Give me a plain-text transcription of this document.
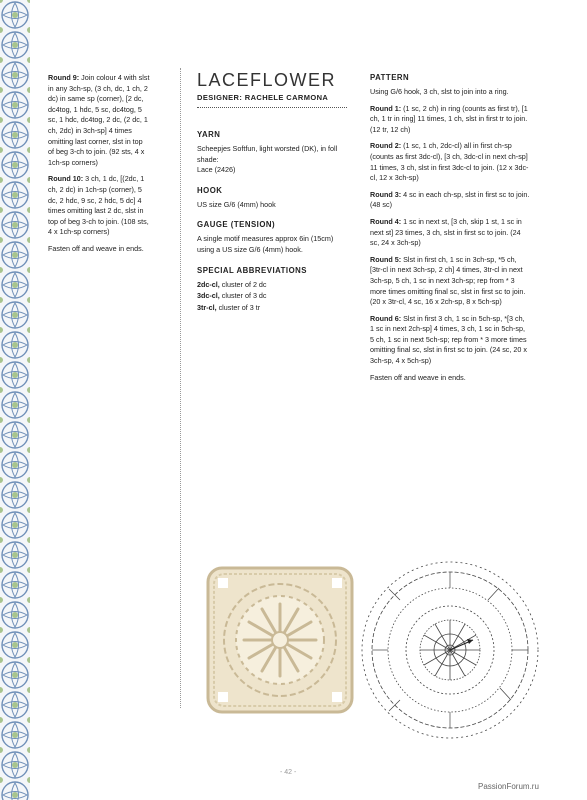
Round 9: Join colour 4 with slst in any 3ch-sp, (3 ch, dc, 1 ch, 2 dc) in same sp (corner), [2 dc, dc4tog, 1 hdc, 5 sc, dc4tog, 5 sc, 1 hdc, dc4tog, 2 dc, (2 dc, 1 ch, 2dc) in 3ch-sp] 4 times omitting last corner, slst in top of beg 3-ch to join. (92 sts, 4 x 1ch-sp corners)

Round 10: 3 ch, 1 dc, [(2dc, 1 ch, 2 dc) in 1ch-sp (corner), 5 dc, 2 hdc, 9 sc, 2 hdc, 5 dc] 4 times omitting last 2 dc, slst in top of beg 3-ch to join. (108 sts, 4 x 1ch-sp corners)

Fasten off and weave in ends.

LACEFLOWER
DESIGNER: RACHELE CARMONA
YARN

Scheepjes Softfun, light worsted (DK), in foll shade:

Lace (2426)

HOOK

US size G/6 (4mm) hook

GAUGE (TENSION)

A single motif measures approx 6in (15cm) using a US size G/6 (4mm) hook.

SPECIAL ABBREVIATIONS

2dc-cl, cluster of 2 dc

3dc-cl, cluster of 3 dc

3tr-cl, cluster of 3 tr

PATTERN

Using G/6 hook, 3 ch, slst to join into a ring.

Round 1: (1 sc, 2 ch) in ring (counts as first tr), [1 ch, 1 tr in ring] 11 times, 1 ch, slst in first tr to join. (12 tr, 12 ch)

Round 2: (1 sc, 1 ch, 2dc-cl) all in first ch-sp (counts as first 3dc-cl), [3 ch, 3dc-cl in next ch-sp] 11 times, 3 ch, slst in first 3dc-cl to join. (12 x 3dc-cl, 12 x 3ch-sp)

Round 3: 4 sc in each ch-sp, slst in first sc to join. (48 sc)

Round 4: 1 sc in next st, [3 ch, skip 1 st, 1 sc in next st] 23 times, 3 ch, slst in first sc to join. (24 sc, 24 x 3ch-sp)

Round 5: Slst in first ch, 1 sc in 3ch-sp, *5 ch, [3tr-cl in next 3ch-sp, 2 ch] 4 times, 3tr-cl in next 3ch-sp, 5 ch, 1 sc in next 3ch-sp; rep from * 3 more times omitting final sc, slst in first sc to join. (20 x 3tr-cl, 4 sc, 16 x 2ch-sp, 8 x 5ch-sp)

Round 6: Slst in first 3 ch, 1 sc in 5ch-sp, *[3 ch, 1 sc in next 2ch-sp] 4 times, 3 ch, 1 sc in 5ch-sp, 5 ch, 1 sc in next 5ch-sp; rep from * 3 more times omitting final sc, slst in first sc to join. (24 sc, 20 x 3ch-sp, 4 x 5ch-sp)

Fasten off and weave in ends.

- 42 -
PassionForum.ru
